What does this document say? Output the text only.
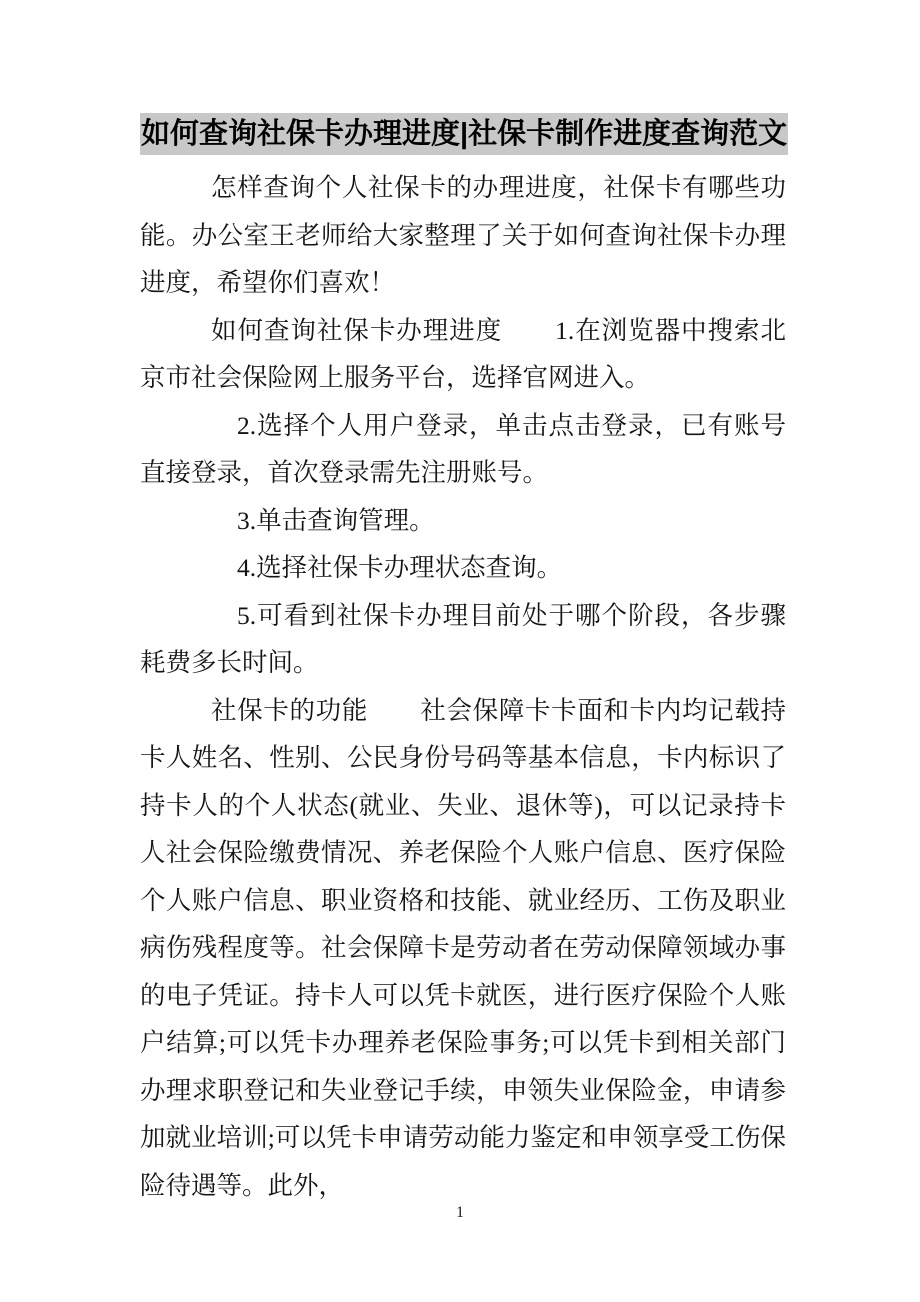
如何查询社保卡办理进度|社保卡制作进度查询范文

怎样查询个人社保卡的办理进度，社保卡有哪些功能。办公室王老师给大家整理了关于如何查询社保卡办理进度，希望你们喜欢！

如何查询社保卡办理进度　　1.在浏览器中搜索北京市社会保险网上服务平台，选择官网进入。

2.选择个人用户登录，单击点击登录，已有账号直接登录，首次登录需先注册账号。

3.单击查询管理。

4.选择社保卡办理状态查询。

5.可看到社保卡办理目前处于哪个阶段，各步骤耗费多长时间。

社保卡的功能　　社会保障卡卡面和卡内均记载持卡人姓名、性别、公民身份号码等基本信息，卡内标识了持卡人的个人状态(就业、失业、退休等)，可以记录持卡人社会保险缴费情况、养老保险个人账户信息、医疗保险个人账户信息、职业资格和技能、就业经历、工伤及职业病伤残程度等。社会保障卡是劳动者在劳动保障领域办事的电子凭证。持卡人可以凭卡就医，进行医疗保险个人账户结算;可以凭卡办理养老保险事务;可以凭卡到相关部门办理求职登记和失业登记手续，申领失业保险金，申请参加就业培训;可以凭卡申请劳动能力鉴定和申领享受工伤保险待遇等。此外，

1
